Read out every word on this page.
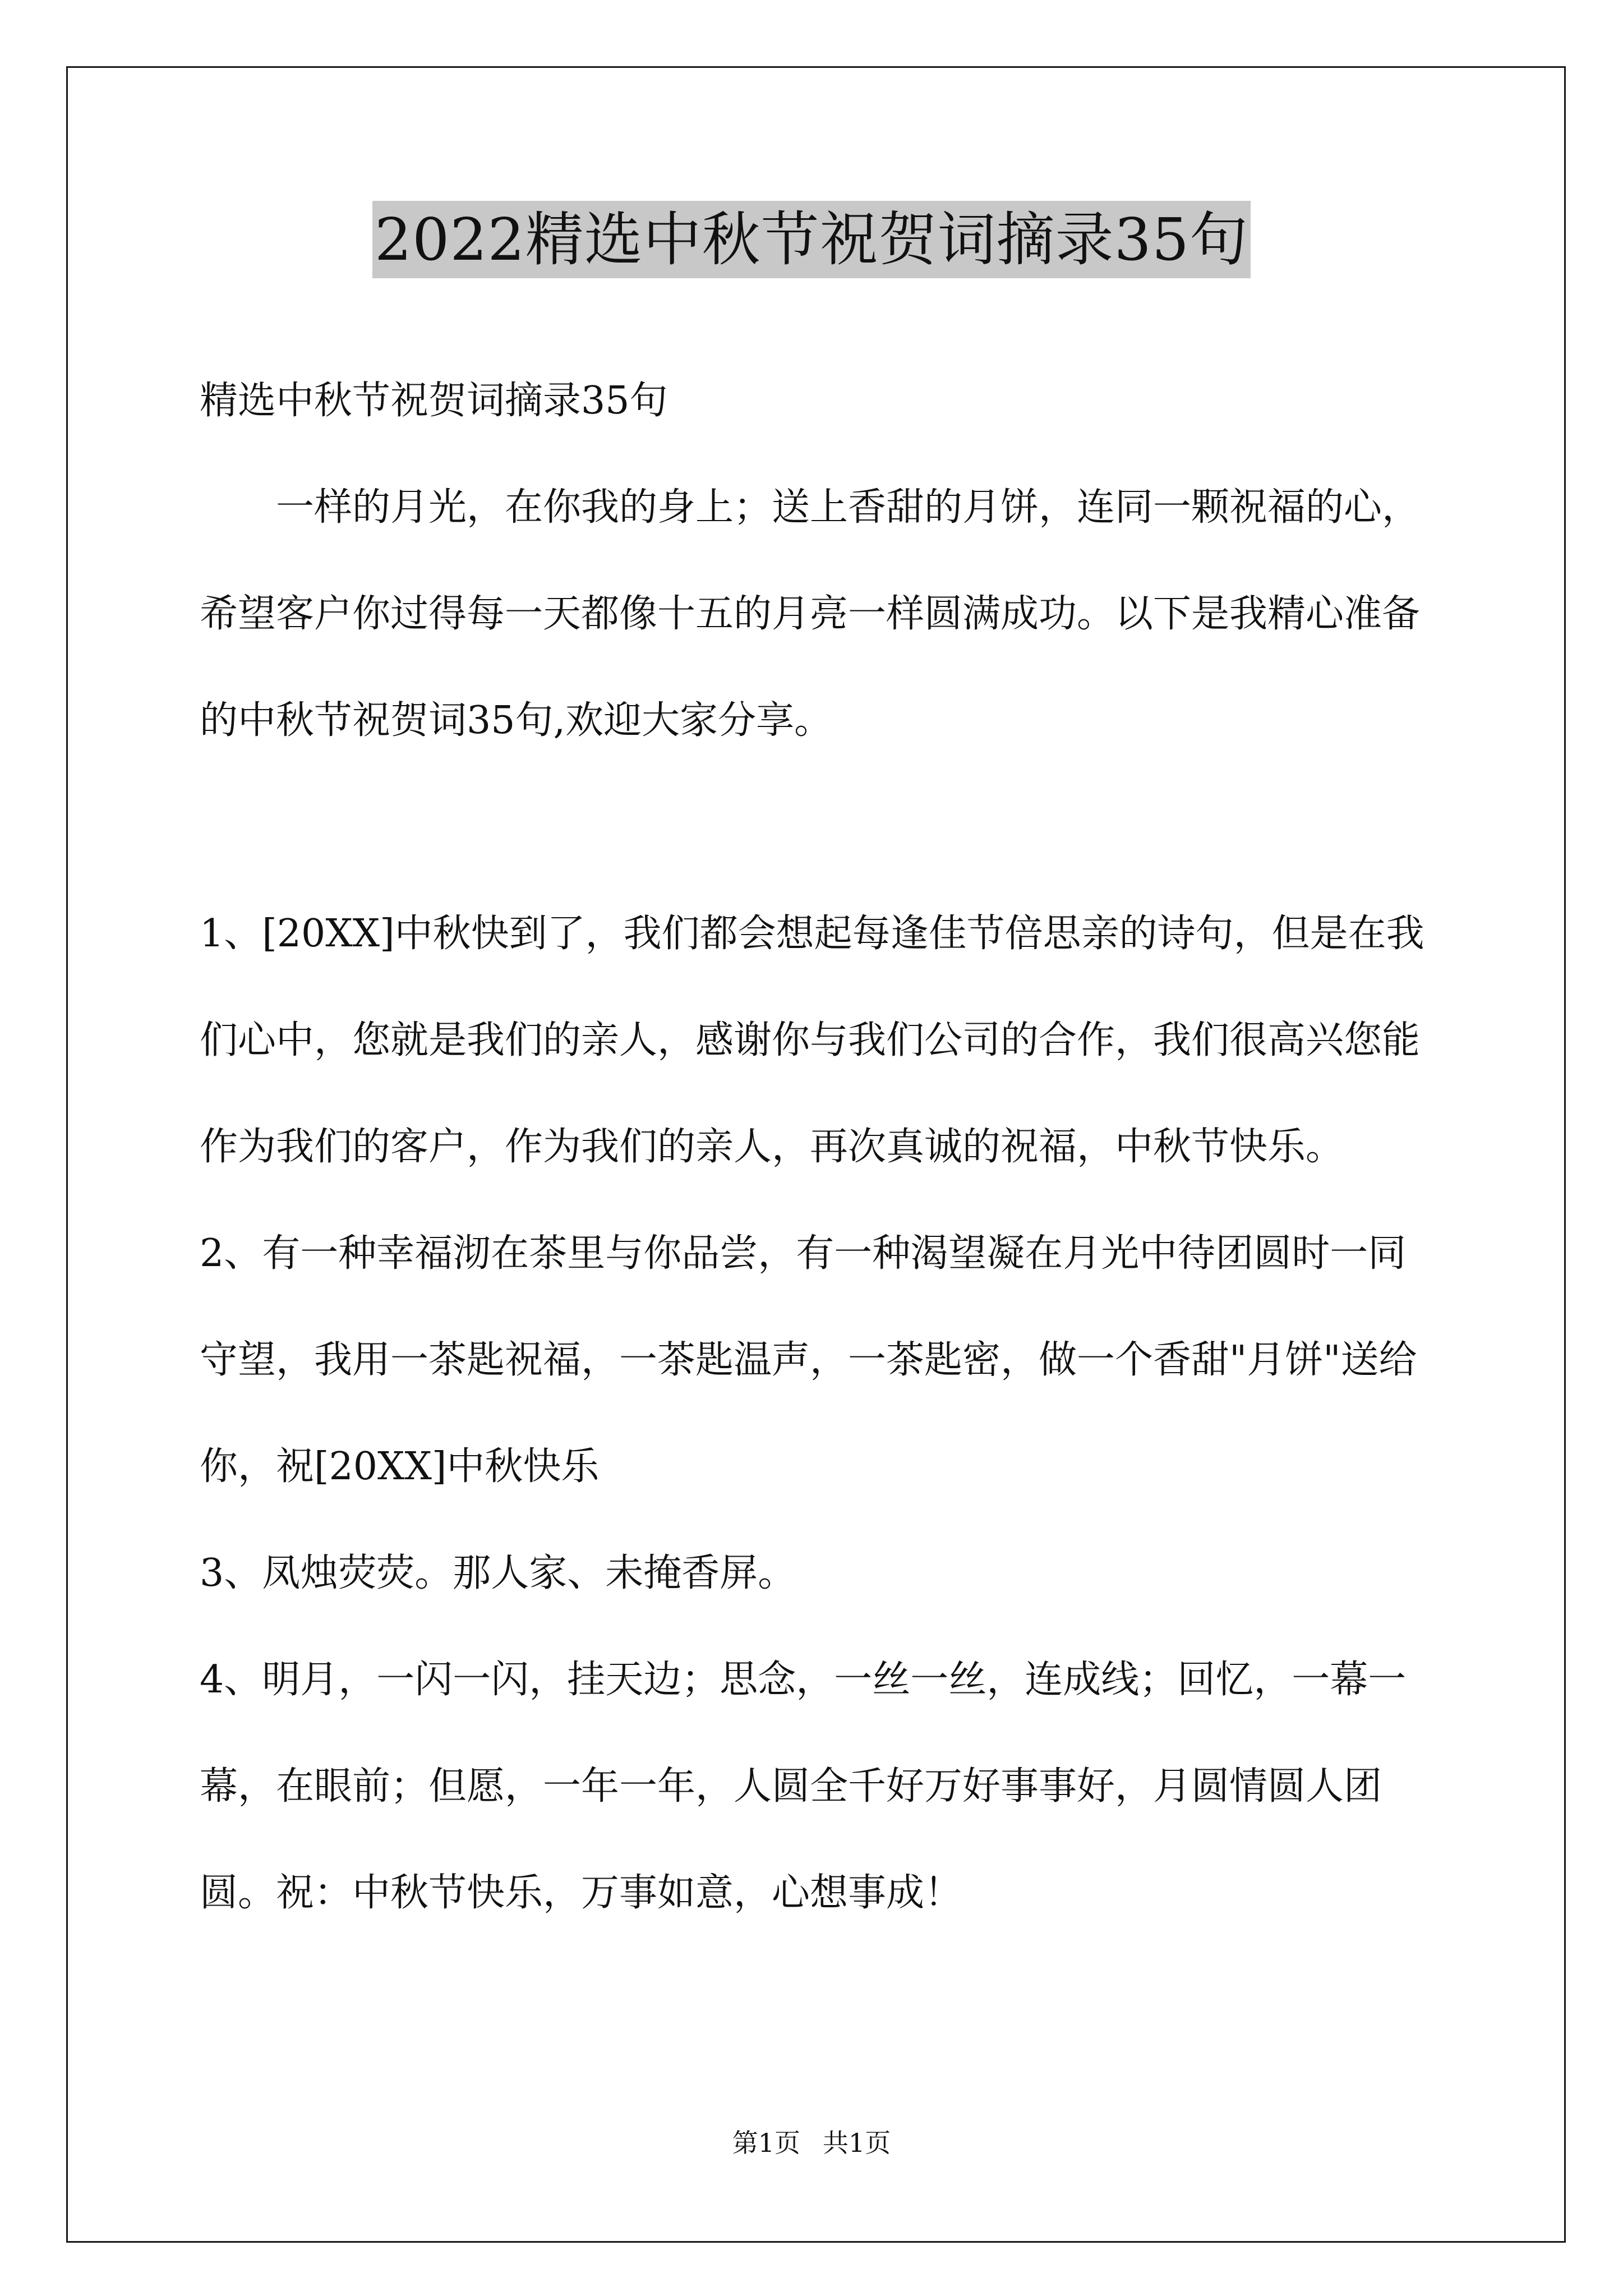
2022精选中秋节祝贺词摘录35句

精选中秋节祝贺词摘录35句

一样的月光，在你我的身上；送上香甜的月饼，连同一颗祝福的心，希望客户你过得每一天都像十五的月亮一样圆满成功。以下是我精心准备的中秋节祝贺词35句,欢迎大家分享。

1、[20XX]中秋快到了，我们都会想起每逢佳节倍思亲的诗句，但是在我们心中，您就是我们的亲人，感谢你与我们公司的合作，我们很高兴您能作为我们的客户，作为我们的亲人，再次真诚的祝福，中秋节快乐。

2、有一种幸福沏在茶里与你品尝，有一种渴望凝在月光中待团圆时一同守望，我用一茶匙祝福，一茶匙温声，一茶匙密，做一个香甜"月饼"送给你，祝[20XX]中秋快乐

3、凤烛荧荧。那人家、未掩香屏。

4、明月，一闪一闪，挂天边；思念，一丝一丝，连成线；回忆，一幕一幕，在眼前；但愿，一年一年，人圆全千好万好事事好，月圆情圆人团圆。祝：中秋节快乐，万事如意，心想事成！

第1页 共1页
